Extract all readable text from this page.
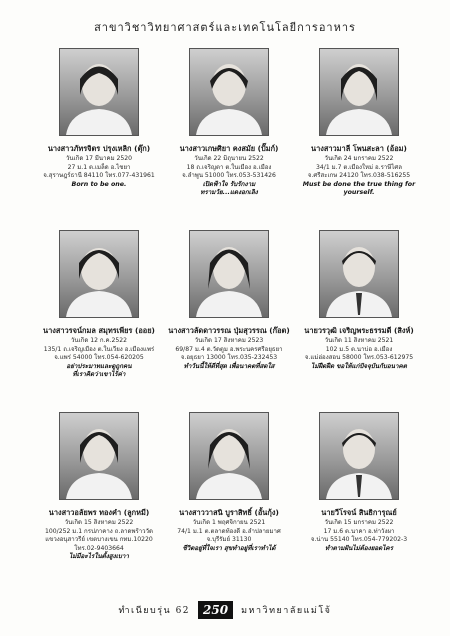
สาขาวิชาวิทยาศาสตร์และเทคโนโลยีการอาหาร
นางสาวภัทรจิตร ปรุงเหลิก (ตุ๊ก)
วันเกิด 17 มีนาคม 2520
27 ม.1 ต.เมล็ด อ.ไชยา
จ.สุราษฎร์ธานี 84110 โทร.077-431961
Born to be one.
นางสาวเกษศิยา คงสมัย (ปั๊มก์)
วันเกิด 22 มิถุนายน 2522
18 ถ.เจริญตา ต.ในเมือง อ.เมือง
จ.ลำพูน 51000 โทร.053-531426
เปิดฟ้าใจ รับรักงาม
ทรามวัย...แดงอกเลิง
นางสาวมาลี โพนสะลา (อ้อม)
วันเกิด 24 มกราคม 2522
34/1 ม.7 ต.เมืองใหม่ อ.ราษีไศล
จ.ศรีสะเกษ 24120 โทร.038-516255
Must be done the true thing for
yourself.
นางสาวรจน์กมล สมุทรเพียร (ออย)
วันเกิด 12 ก.ค.2522
135/1 ถ.เจริญเมือง ต.ในเวียง อ.เมืองแพร่
จ.แพร่ 54000 โทร.054-620205
อย่าประมาทและดูถูกคน
ที่เราคิดว่าเขาไร้ค่า
นางสาวลัดดาวรรณ ปุ่มสุวรรณ (ก๊อต)
วันเกิด 17 สิงหาคม 2523
69/87 ม.4 ต.วัดตูม อ.พระนครศรีอยุธยา
จ.อยุธยา 13000 โทร.035-232453
ทำวันนี้ให้ดีที่สุด เพื่อนาคตที่สดใส
นายวรวุฒิ เจริญพระธรรมดี (สิงห์)
วันเกิด 11 สิงหาคม 2521
102 ม.5 ต.นาบ่อ อ.เมือง
จ.แม่ฮ่องสอน 58000 โทร.053-612975
ไม่ฝืดฝืด ขอให้แก่ปัจจุบันกับอนาคต
นางสาวอลัยพร ทองคำ (ลูกหมี)
วันเกิด 15 สิงหาคม 2522
100/252 ม.1 กรปภาคาง ถ.ลาดพร้าววัด
แขวงอนุสาวรีย์ เขตบางเขน กทม.10220
โทร.02-9403664
ไม่มีอะไรในตั้งสูงเบาา
นางสาววาสนิ บูราสิทธิ์ (อั้นกุ้ง)
วันเกิด 1 พฤศจิกายน 2521
74/1 ม.1 ต.ตลาดท้องดี อ.ลำปลายมาศ
จ.บุรีรัมย์ 31130
ชีวิตอยู่ที่ใจเรา สุขทำอยู่ที่เราทำได้
นายวีโรจน์ สินธิการุณย์
วันเกิด 15 มกราคม 2522
17 ม.6 ต.นาคา อ.ท่าวังผา
จ.น่าน 55140 โทร.054-779202-3
ทำตามฝันไม่ต้องยอดไคร
ทำเนียบรุ่น 62	250	มหาวิทยาลัยแม่โจ้
